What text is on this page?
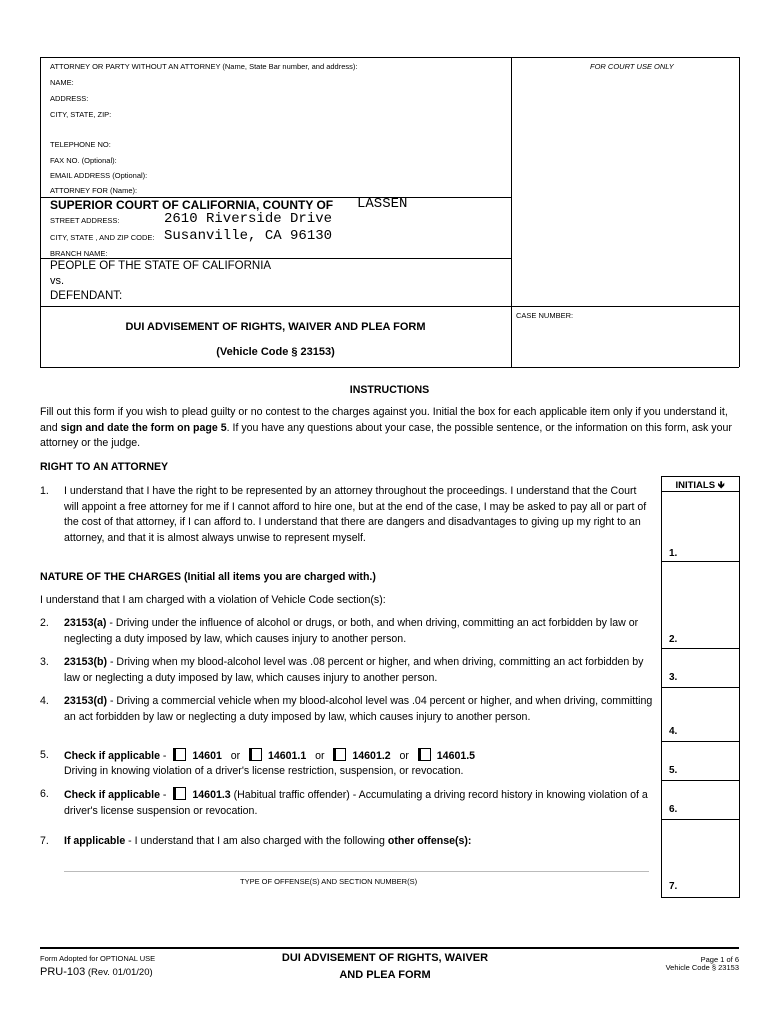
ATTORNEY OR PARTY WITHOUT AN ATTORNEY (Name, State Bar number, and address):	FOR COURT USE ONLY
NAME:
ADDRESS:
CITY, STATE, ZIP:
TELEPHONE NO:
FAX NO. (Optional):
EMAIL ADDRESS (Optional):
ATTORNEY FOR (Name):
SUPERIOR COURT OF CALIFORNIA, COUNTY OF LASSEN
STREET ADDRESS:	2610 Riverside Drive
CITY, STATE , AND ZIP CODE: Susanville, CA 96130
BRANCH NAME:
PEOPLE OF THE STATE OF CALIFORNIA
vs.
DEFENDANT:
CASE NUMBER:
DUI ADVISEMENT OF RIGHTS, WAIVER AND PLEA FORM
(Vehicle Code § 23153)
INSTRUCTIONS
Fill out this form if you wish to plead guilty or no contest to the charges against you. Initial the box for each applicable item only if you understand it, and sign and date the form on page 5. If you have any questions about your case, the possible sentence, or the information on this form, ask your attorney or the judge.
RIGHT TO AN ATTORNEY
INITIALS 🡻
1.
2.
3.
4.
5.
6.
7.
1. I understand that I have the right to be represented by an attorney throughout the proceedings. I understand that the Court will appoint a free attorney for me if I cannot afford to hire one, but at the end of the case, I may be asked to pay all or part of the cost of that attorney, if I can afford to. I understand that there are dangers and disadvantages to giving up my right to an attorney, and that it is almost always unwise to represent myself.
NATURE OF THE CHARGES (Initial all items you are charged with.)
I understand that I am charged with a violation of Vehicle Code section(s):
2. 23153(a) - Driving under the influence of alcohol or drugs, or both, and when driving, committing an act forbidden by law or neglecting a duty imposed by law, which causes injury to another person.
3. 23153(b) - Driving when my blood-alcohol level was .08 percent or higher, and when driving, committing an act forbidden by law or neglecting a duty imposed by law, which causes injury to another person.
4. 23153(d) - Driving a commercial vehicle when my blood-alcohol level was .04 percent or higher, and when driving, committing an act forbidden by law or neglecting a duty imposed by law, which causes injury to another person.
5. Check if applicable - 14601 or	14601.1 or	14601.2 or	14601.5
Driving in knowing violation of a driver's license restriction, suspension, or revocation.
6. Check if applicable - 14601.3 (Habitual traffic offender) - Accumulating a driving record history in knowing violation of a driver's license suspension or revocation.
7. If applicable - I understand that I am also charged with the following other offense(s):
TYPE OF OFFENSE(S) AND SECTION NUMBER(S)
Form Adopted for OPTIONAL USE
PRU-103 (Rev. 01/01/20)
DUI ADVISEMENT OF RIGHTS, WAIVER
AND PLEA FORM
Page 1 of 6
Vehicle Code § 23153
